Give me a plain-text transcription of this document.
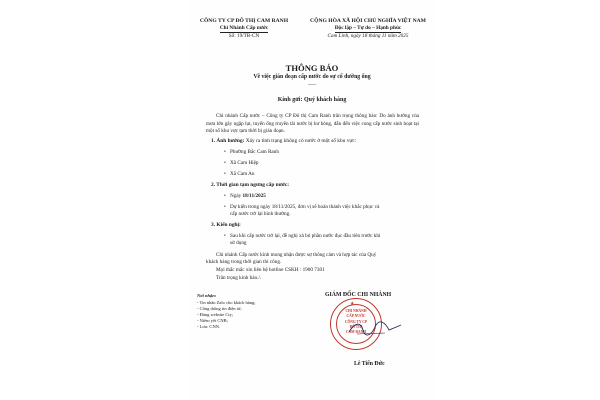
CÔNG TY CP ĐÔ THỊ CAM RANH
Chi Nhánh Cấp nước
Số: 19/TB-CN
CỘNG HÒA XÃ HỘI CHỦ NGHĨA VIỆT NAM
Độc lập – Tự do – Hạnh phúc
Cam Linh, ngày 18 tháng 11 năm 2025
THÔNG BÁO
Về việc gián đoạn cấp nước do sự cố đường ống
--------
Kính gửi: Quý khách hàng
Chi nhánh Cấp nước – Công ty CP Đô thị Cam Ranh trân trọng thông báo: Do ảnh hưởng của mưa lớn gây ngập lụt, tuyến ống truyền tải nước bị hư hỏng, dẫn đến việc cung cấp nước sinh hoạt tại một số khu vực tạm thời bị gián đoạn.
1. Ảnh hưởng: Xảy ra tình trạng không có nước ở một số khu vực:
• Phường Bắc Cam Ranh
• Xã Cam Hiệp
• Xã Cam An
2. Thời gian tạm ngưng cấp nước:
• Ngày 18/11/2025
• Dự kiến trong ngày 18/11/2025, đơn vị sẽ hoàn thành việc khắc phục và
cấp nước trở lại bình thường.
3. Kiến nghị:
• Sau khi cấp nước trở lại, đề nghị xả bỏ phần nước đục đầu tiên trước khi
sử dụng
Chi nhánh Cấp nước kính mong nhận được sự thông cảm và hợp tác của Quý
khách hàng trong thời gian thi công.
Mọi thắc mắc xin liên hệ hotline CSKH : 1900 7301
Trân trọng kính báo./.
Nơi nhận:
- Tin nhắn Zalo cho khách hàng;
- Cổng thông tin điện tử;
- Đăng website Cty;
- Niêm yết CNB;
- Lưu: CNN.
GIÁM ĐỐC CHI NHÁNH
★
CHI NHÁNH
CẤP NƯỚC
CÔNG TY CP
ĐÔ THỊ
CAM RANH
Lê Tiến Đức
